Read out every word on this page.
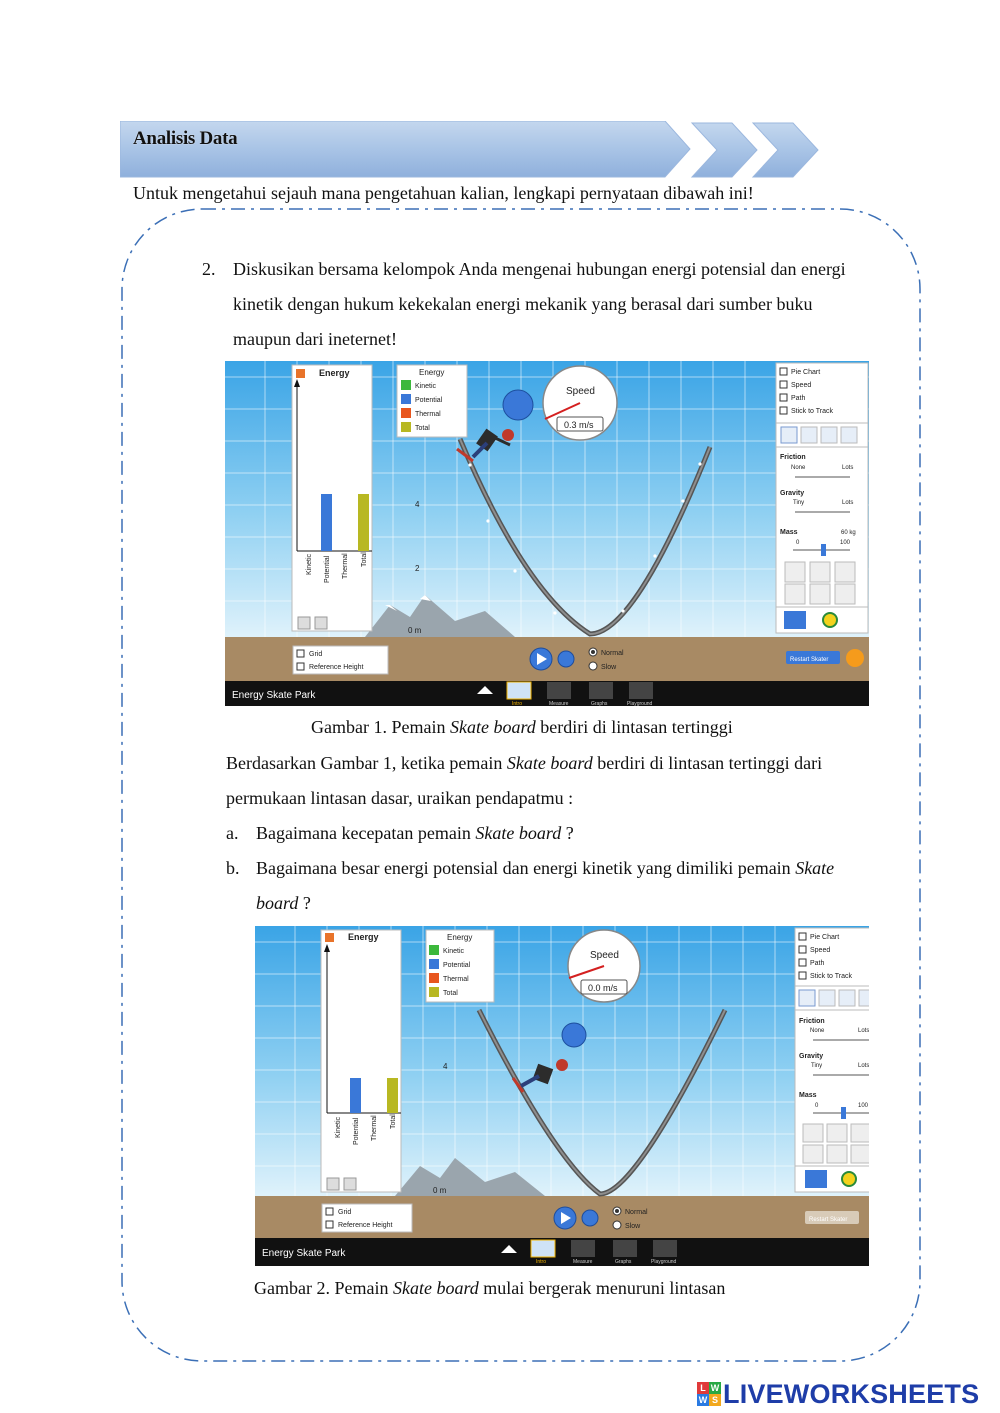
Analisis Data
Untuk mengetahui sejauh mana pengetahuan kalian, lengkapi pernyataan dibawah ini!
2. Diskusikan bersama kelompok Anda mengenai hubungan energi potensial dan energi kinetik dengan hukum kekekalan energi mekanik yang berasal dari sumber buku maupun dari ineternet!
4
2
0 m
Speed
0.3 m/s
Energy
Kinetic Potential Thermal Total
Energy
Kinetic
Potential
Thermal
Total
Pie Chart
Speed
Path
Stick to Track
Friction
None	Lots
Gravity
Tiny	Lots
Mass	60 kg
0	100
Grid
Reference Height
Normal
Slow
Restart Skater
Energy Skate Park
Intro	Measure	Graphs	Playground
Gambar 1. Pemain Skate board berdiri di lintasan tertinggi
Berdasarkan Gambar 1, ketika pemain Skate board berdiri di lintasan tertinggi dari permukaan lintasan dasar, uraikan pendapatmu :
a. Bagaimana kecepatan pemain Skate board ?
b. Bagaimana besar energi potensial dan energi kinetik yang dimiliki pemain Skate board ?
4
0 m
Speed
0.0 m/s
Energy
Kinetic Potential Thermal Total
Energy
Kinetic
Potential
Thermal
Total
Pie Chart
Speed
Path
Stick to Track
Friction
None	Lots
Gravity
Tiny	Lots
Mass
0	100
Grid
Reference Height
Normal
Slow
Restart Skater
Energy Skate Park
Intro	Measure	Graphs	Playground
Gambar 2. Pemain Skate board mulai bergerak menuruni lintasan
L W
W S LIVEWORKSHEETS
